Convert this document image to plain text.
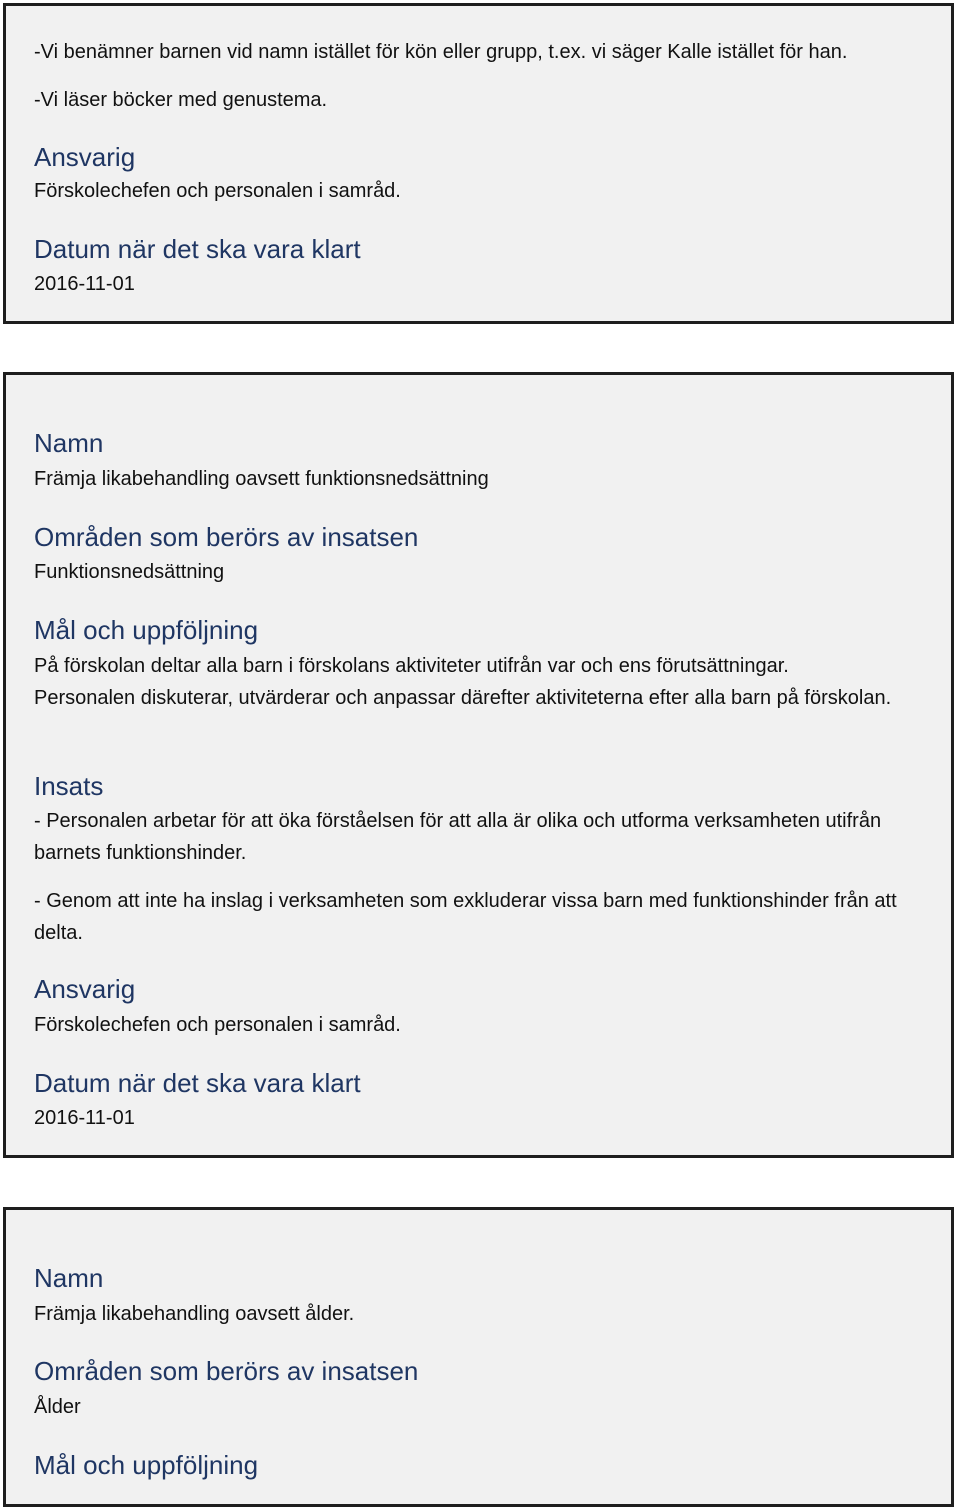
-Vi benämner barnen vid namn istället för kön eller grupp, t.ex. vi säger Kalle istället för han.

-Vi läser böcker med genustema.

Ansvarig

Förskolechefen och personalen i samråd.

Datum när det ska vara klart

2016-11-01

Namn

Främja likabehandling oavsett funktionsnedsättning

Områden som berörs av insatsen

Funktionsnedsättning

Mål och uppföljning

På förskolan deltar alla barn i förskolans aktiviteter utifrån var och ens förutsättningar.

Personalen diskuterar, utvärderar och anpassar därefter aktiviteterna efter alla barn på förskolan.

Insats

- Personalen arbetar för att öka förståelsen för att alla är olika och utforma verksamheten utifrån barnets funktionshinder.

- Genom att inte ha inslag i verksamheten som exkluderar vissa barn med funktionshinder från att delta.

Ansvarig

Förskolechefen och personalen i samråd.

Datum när det ska vara klart

2016-11-01

Namn

Främja likabehandling oavsett ålder.

Områden som berörs av insatsen

Ålder

Mål och uppföljning
